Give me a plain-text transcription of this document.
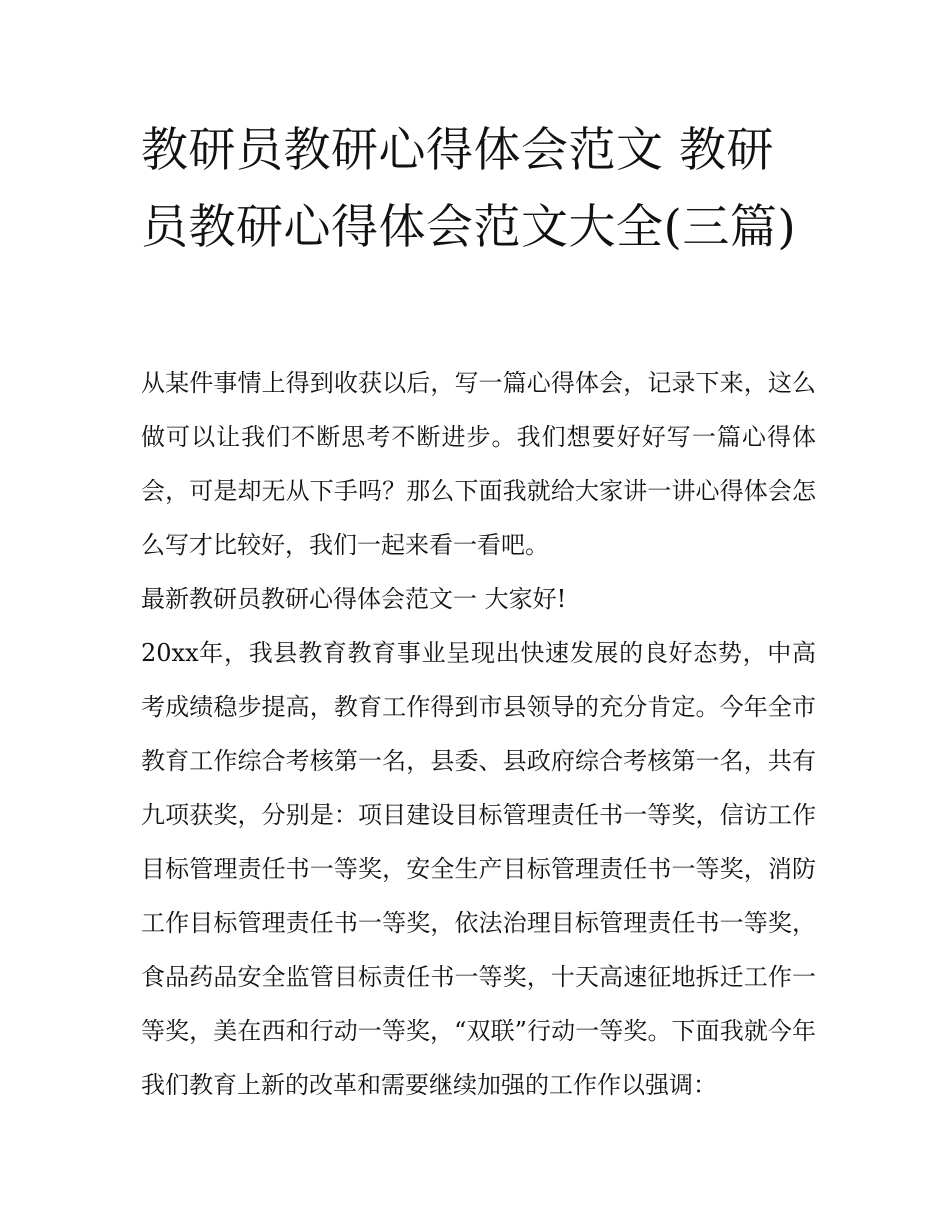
教研员教研心得体会范文 教研员教研心得体会范文大全(三篇)

从某件事情上得到收获以后，写一篇心得体会，记录下来，这么做可以让我们不断思考不断进步。我们想要好好写一篇心得体会，可是却无从下手吗？那么下面我就给大家讲一讲心得体会怎么写才比较好，我们一起来看一看吧。

最新教研员教研心得体会范文一 大家好!

20xx年，我县教育教育事业呈现出快速发展的良好态势，中高考成绩稳步提高，教育工作得到市县领导的充分肯定。今年全市教育工作综合考核第一名，县委、县政府综合考核第一名，共有九项获奖，分别是：项目建设目标管理责任书一等奖，信访工作目标管理责任书一等奖，安全生产目标管理责任书一等奖，消防工作目标管理责任书一等奖，依法治理目标管理责任书一等奖，食品药品安全监管目标责任书一等奖，十天高速征地拆迁工作一等奖，美在西和行动一等奖，“双联”行动一等奖。下面我就今年我们教育上新的改革和需要继续加强的工作作以强调：
